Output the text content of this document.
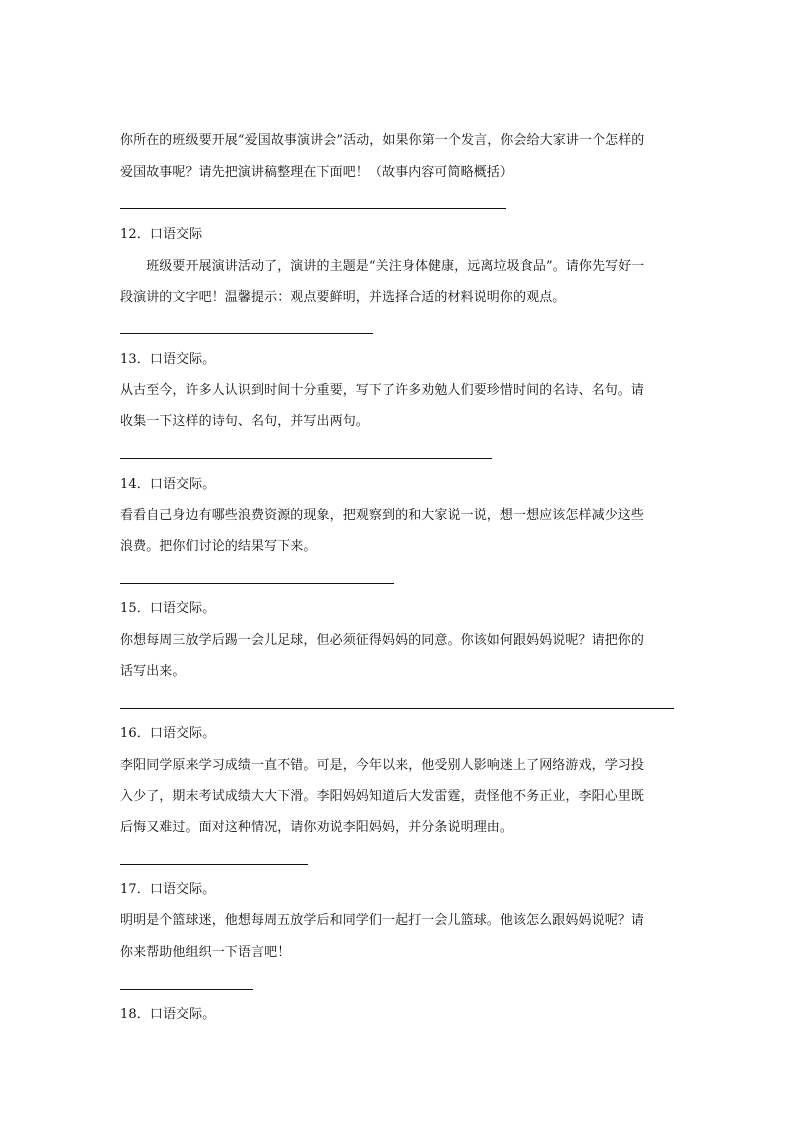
你所在的班级要开展“爱国故事演讲会”活动，如果你第一个发言，你会给大家讲一个怎样的
爱国故事呢？请先把演讲稿整理在下面吧！（故事内容可简略概括）
12．口语交际
　　班级要开展演讲活动了，演讲的主题是“关注身体健康，远离垃圾食品”。请你先写好一
段演讲的文字吧！温馨提示：观点要鲜明，并选择合适的材料说明你的观点。
13．口语交际。
从古至今，许多人认识到时间十分重要，写下了许多劝勉人们要珍惜时间的名诗、名句。请
收集一下这样的诗句、名句，并写出两句。
14．口语交际。
看看自己身边有哪些浪费资源的现象，把观察到的和大家说一说，想一想应该怎样减少这些
浪费。把你们讨论的结果写下来。
15．口语交际。
你想每周三放学后踢一会儿足球，但必须征得妈妈的同意。你该如何跟妈妈说呢？请把你的
话写出来。
16．口语交际。
李阳同学原来学习成绩一直不错。可是，今年以来，他受别人影响迷上了网络游戏，学习投
入少了，期末考试成绩大大下滑。李阳妈妈知道后大发雷霆，责怪他不务正业，李阳心里既
后悔又难过。面对这种情况，请你劝说李阳妈妈，并分条说明理由。
17．口语交际。
明明是个篮球迷，他想每周五放学后和同学们一起打一会儿篮球。他该怎么跟妈妈说呢？请
你来帮助他组织一下语言吧！
18．口语交际。
